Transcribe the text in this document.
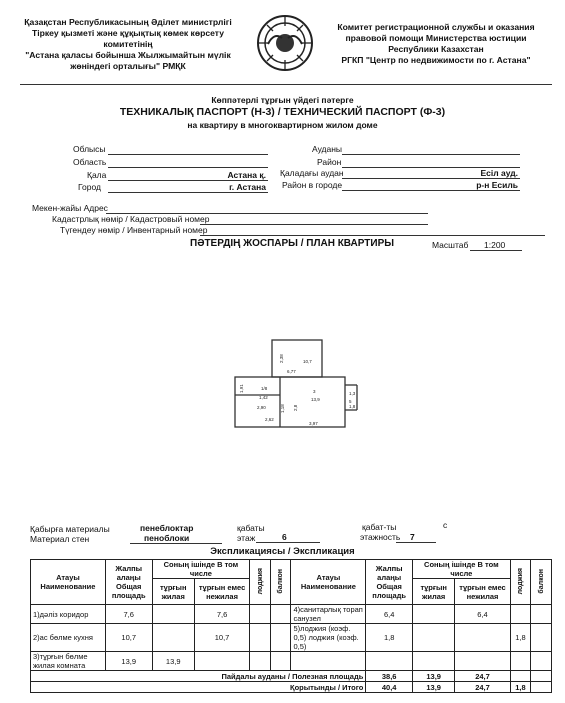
Қазақстан Республикасының Әділет министрлігі
Тіркеу қызметі және құқықтық көмек көрсету
комитетінің
"Астана қаласы бойынша Жылжымайтын мүлік
жөніндегі орталығы" РМҚК
Комитет регистрационной службы и оказания
правовой помощи Министерства юстиции
Республики Казахстан
РГКП "Центр по недвижимости по г. Астана"
Көппәтерлі тұрғын үйдегі пәтерге
ТЕХНИКАЛЫҚ ПАСПОРТ (Н-3) / ТЕХНИЧЕСКИЙ ПАСПОРТ (Ф-3)
на квартиру в многоквартирном жилом доме
Облысы
Область
Қала	Астана қ.
Город	г. Астана
Ауданы
Район
Қаладағы аудан	Есіл ауд.
Район в городе	р-н Есиль
Мекен-жайы Адрес
Кадастрлық нөмір / Кадастровый номер
Түгендеу нөмір / Инвентарный номер
ПӘТЕРДІҢ ЖОСПАРЫ / ПЛАН КВАРТИРЫ	Масштаб 1:200
2,38	10,7
6,77
1/8
1,42
3
13,9
1,91
2,90
1,3
1,18
3,97
5
1,8
2,62
2,8
Қабырға материалы
Материал стен
пенеблоктар
пеноблоки
қабаты
этаж	6
қабат-ты
этажность 7
с
Экспликациясы / Экспликация
Атауы Наименование	Жалпы алаңы Общая площадь	Соның ішінде В том числе		лоджия	балкон	Атауы Наименование	Жалпы алаңы Общая площадь	Соның ішінде В том числе		лоджия	балкон
		тұрғын жилая	тұрғын емес нежилая					тұрғын жилая	тұрғын емес нежилая		
1)дәліз коридор	7,6		7,6			4)санитарлық торап санузел	6,4		6,4		
2)ас бөлме кухня	10,7		10,7			5)лоджия (коэф. 0,5) лоджия (коэф. 0,5)	1,8			1,8	
3)тұрғын бөлме жилая комната	13,9	13,9									
Пайдалы ауданы / Полезная площадь							38,6	13,9	24,7		
Қорытынды / Итого							40,4	13,9	24,7	1,8	
